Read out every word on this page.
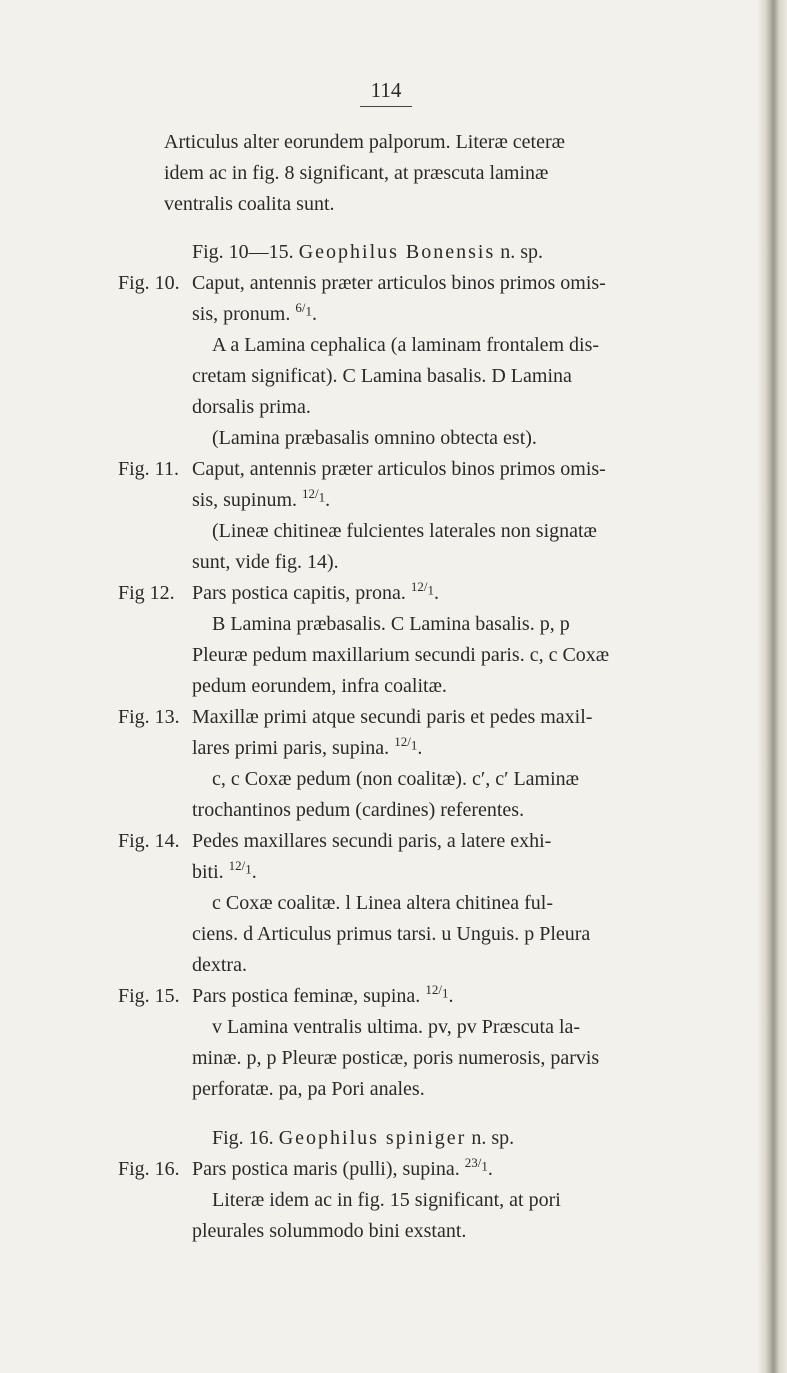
114
Articulus alter eorundem palporum. Literæ ceteræ
idem ac in fig. 8 significant, at præscuta laminæ
ventralis coalita sunt.
Fig. 10—15. Geophilus Bonensis n. sp.
Fig. 10. Caput, antennis præter articulos binos primos omis-
sis, pronum. $^{6/1}$.
A a Lamina cephalica (a laminam frontalem dis-
cretam significat). C Lamina basalis. D Lamina
dorsalis prima.
(Lamina præbasalis omnino obtecta est).
Fig. 11. Caput, antennis præter articulos binos primos omis-
sis, supinum. $^{12/1}$.
(Lineæ chitineæ fulcientes laterales non signatæ
sunt, vide fig. 14).
Fig 12. Pars postica capitis, prona. $^{12/1}$.
B Lamina præbasalis. C Lamina basalis. p, p
Pleuræ pedum maxillarium secundi paris. c, c Coxæ
pedum eorundem, infra coalitæ.
Fig. 13. Maxillæ primi atque secundi paris et pedes maxil-
lares primi paris, supina. $^{12/1}$.
c, c Coxæ pedum (non coalitæ). c′, c′ Laminæ
trochantinos pedum (cardines) referentes.
Fig. 14. Pedes maxillares secundi paris, a latere exhi-
biti. $^{12/1}$.
c Coxæ coalitæ. l Linea altera chitinea ful-
ciens. d Articulus primus tarsi. u Unguis. p Pleura
dextra.
Fig. 15. Pars postica feminæ, supina. $^{12/1}$.
v Lamina ventralis ultima. pv, pv Præscuta la-
minæ. p, p Pleuræ posticæ, poris numerosis, parvis
perforatæ. pa, pa Pori anales.
Fig. 16. Geophilus spiniger n. sp.
Fig. 16. Pars postica maris (pulli), supina. $^{23/1}$.
Literæ idem ac in fig. 15 significant, at pori
pleurales solummodo bini exstant.
